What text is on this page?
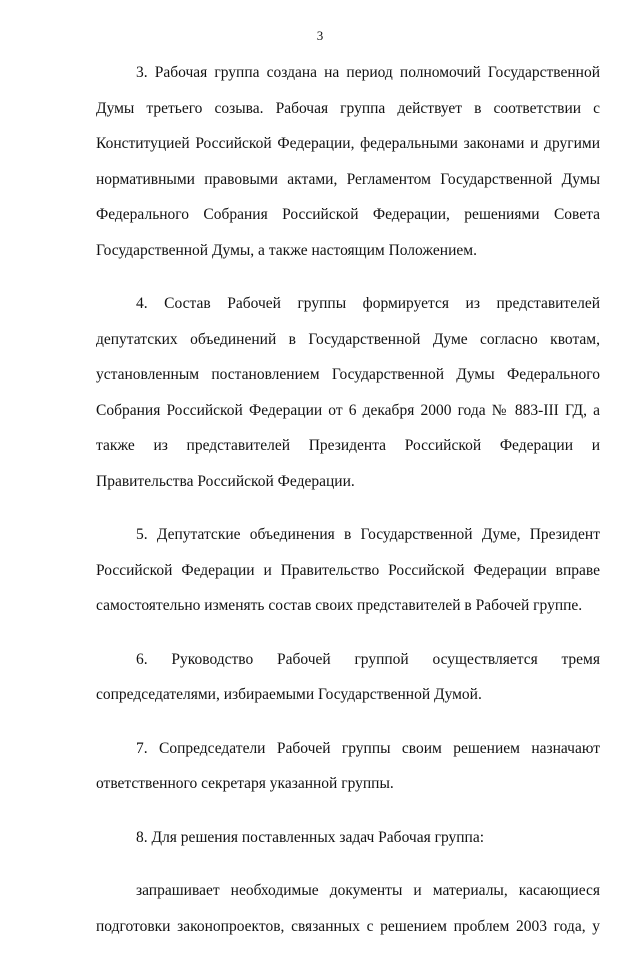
3

3. Рабочая группа создана на период полномочий Государственной Думы третьего созыва. Рабочая группа действует в соответствии с Конституцией Российской Федерации, федеральными законами и другими нормативными правовыми актами, Регламентом Государственной Думы Федерального Собрания Российской Федерации, решениями Совета Государственной Думы, а также настоящим Положением.

4. Состав Рабочей группы формируется из представителей депутатских объединений в Государственной Думе согласно квотам, установленным постановлением Государственной Думы Федерального Собрания Российской Федерации от 6 декабря 2000 года № 883-III ГД, а также из представителей Президента Российской Федерации и Правительства Российской Федерации.

5. Депутатские объединения в Государственной Думе, Президент Российской Федерации и Правительство Российской Федерации вправе самостоятельно изменять состав своих представителей в Рабочей группе.

6. Руководство Рабочей группой осуществляется тремя сопредседателями, избираемыми Государственной Думой.

7. Сопредседатели Рабочей группы своим решением назначают ответственного секретаря указанной группы.

8. Для решения поставленных задач Рабочая группа:

запрашивает необходимые документы и материалы, касающиеся подготовки законопроектов, связанных с решением проблем 2003 года, у
